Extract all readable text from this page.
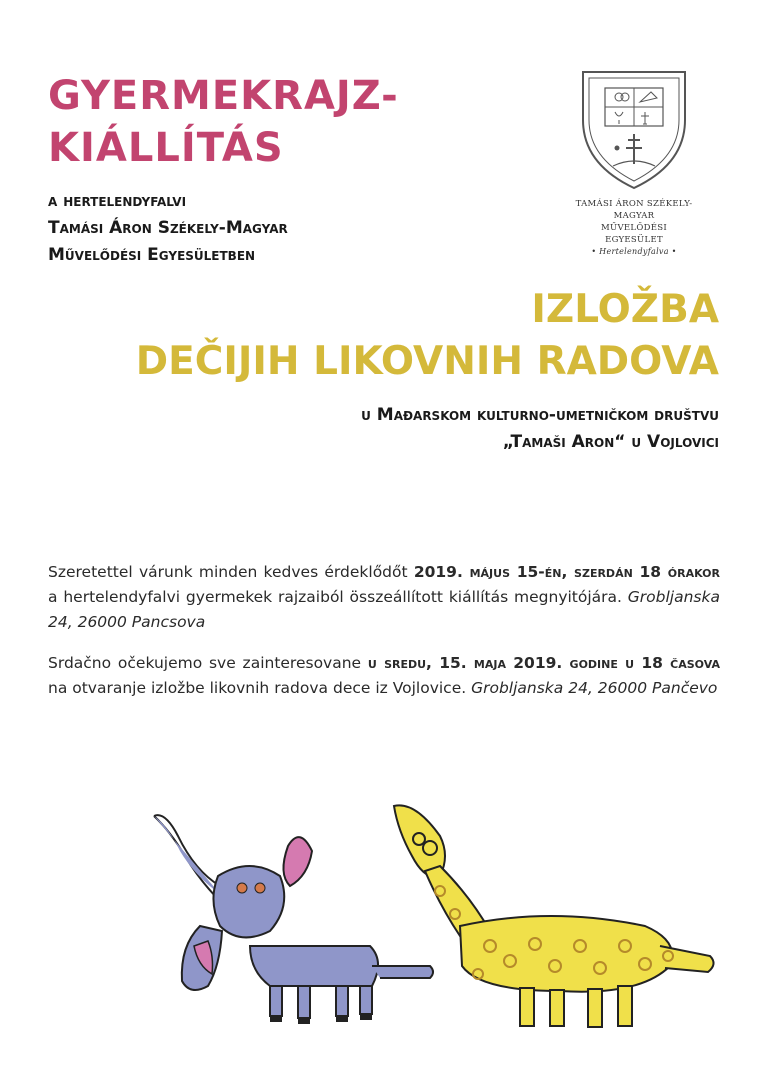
GYERMEKRAJZ-
KIÁLLÍTÁS
a hertelendyfalvi
Tamási Áron Székely-Magyar
Művelődési Egyesületben
TAMÁSI ÁRON SZÉKELY-MAGYAR
MŰVELŐDÉSI EGYESÜLET
• Hertelendyfalva •
IZLOŽBA
DEČIJIH LIKOVNIH RADOVA
u Mađarskom kulturno-umetničkom društvu
„Tamaši Aron“ u Vojlovici

Szeretettel várunk minden kedves érdeklődőt 2019. május 15-én, szerdán 18 órakor a hertelendyfalvi gyermekek rajzaiból összeállított kiállítás megnyitójára. Grobljanska 24, 26000 Pancsova

Srdačno očekujemo sve zainteresovane u sredu, 15. maja 2019. godine u 18 časova na otvaranje izložbe likovnih radova dece iz Vojlovice. Grobljanska 24, 26000 Pančevo
